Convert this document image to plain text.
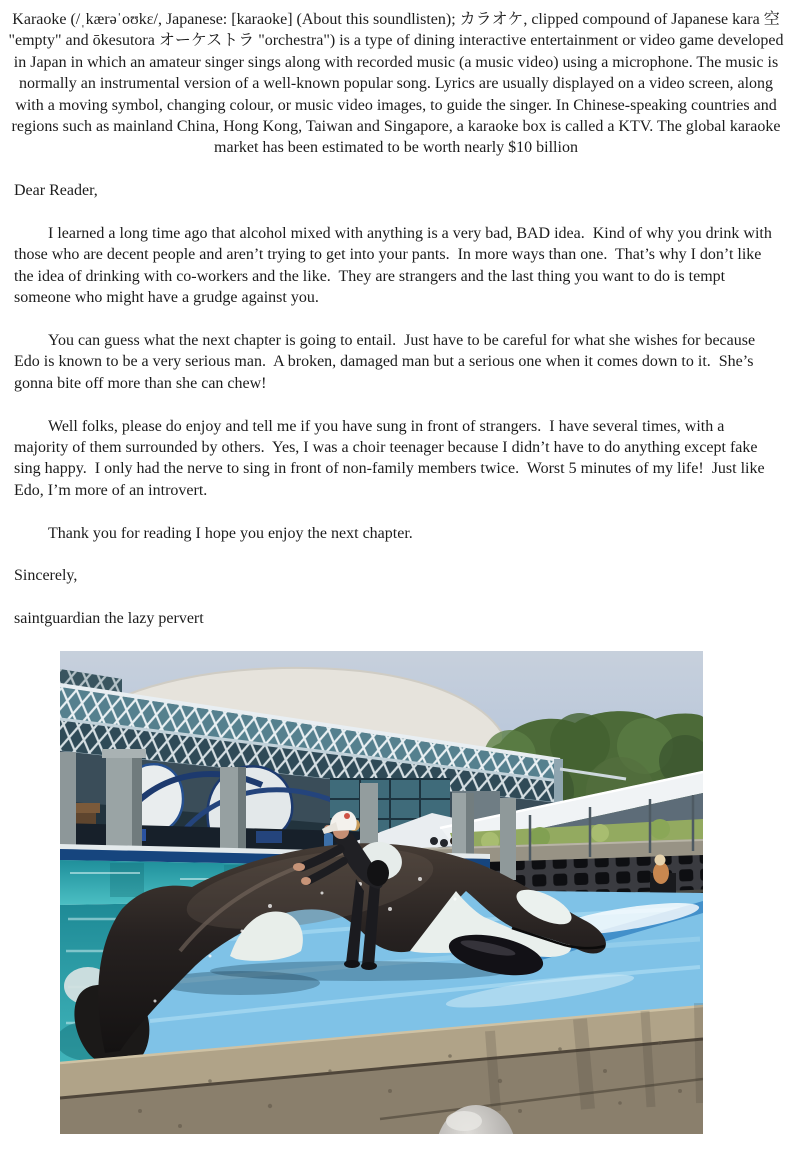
Karaoke (/ˌkærəˈoʊkɛ/, Japanese: [karaoke] (About this soundlisten); カラオケ, clipped compound of Japanese kara 空 "empty" and ōkesutora オーケストラ "orchestra") is a type of dining interactive entertainment or video game developed in Japan in which an amateur singer sings along with recorded music (a music video) using a microphone. The music is normally an instrumental version of a well-known popular song. Lyrics are usually displayed on a video screen, along with a moving symbol, changing colour, or music video images, to guide the singer. In Chinese-speaking countries and regions such as mainland China, Hong Kong, Taiwan and Singapore, a karaoke box is called a KTV. The global karaoke market has been estimated to be worth nearly $10 billion

Dear Reader,

I learned a long time ago that alcohol mixed with anything is a very bad, BAD idea.  Kind of why you drink with those who are decent people and aren’t trying to get into your pants.  In more ways than one.  That’s why I don’t like the idea of drinking with co-workers and the like.  They are strangers and the last thing you want to do is tempt someone who might have a grudge against you.

You can guess what the next chapter is going to entail.  Just have to be careful for what she wishes for because Edo is known to be a very serious man.  A broken, damaged man but a serious one when it comes down to it.  She’s gonna bite off more than she can chew!

Well folks, please do enjoy and tell me if you have sung in front of strangers.  I have several times, with a majority of them surrounded by others.  Yes, I was a choir teenager because I didn’t have to do anything except fake sing happy.  I only had the nerve to sing in front of non-family members twice.  Worst 5 minutes of my life!  Just like Edo, I’m more of an introvert.

Thank you for reading I hope you enjoy the next chapter.

Sincerely,

saintguardian the lazy pervert
